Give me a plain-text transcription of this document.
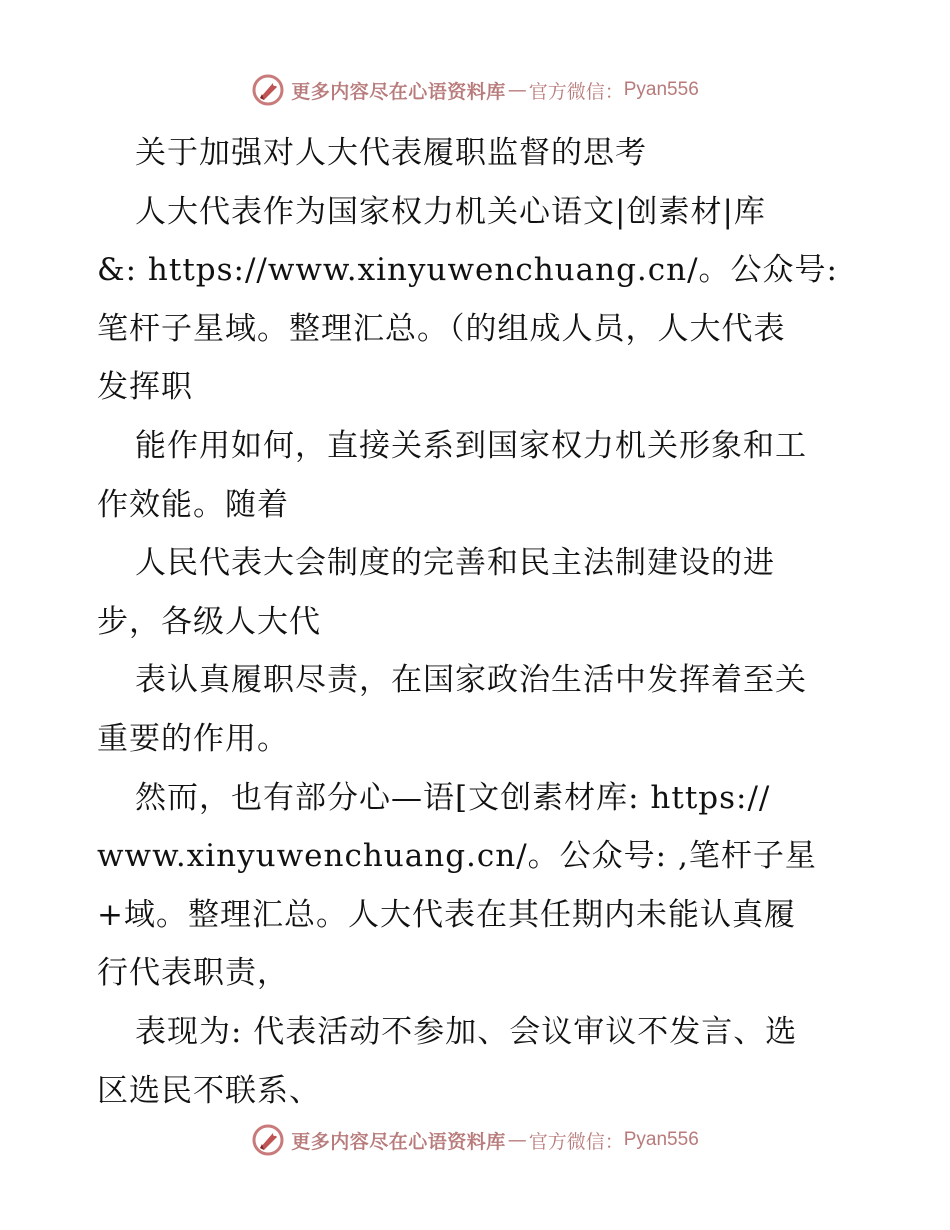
更多内容尽在心语资料库 — 官方微信： Pyan556
关于加强对人大代表履职监督的思考
人大代表作为国家权力机关心语文|创素材|库
&: https://www.xinyuwenchuang.cn/。公众号:
笔杆子星域。整理汇总。（的组成人员，人大代表
发挥职
能作用如何，直接关系到国家权力机关形象和工
作效能。随着
人民代表大会制度的完善和民主法制建设的进
步，各级人大代
表认真履职尽责，在国家政治生活中发挥着至关
重要的作用。
然而，也有部分心—语[文创素材库: https://
www.xinyuwenchuang.cn/。公众号: ,笔杆子星
+域。整理汇总。人大代表在其任期内未能认真履
行代表职责，
表现为: 代表活动不参加、会议审议不发言、选
区选民不联系、
更多内容尽在心语资料库 — 官方微信： Pyan556
